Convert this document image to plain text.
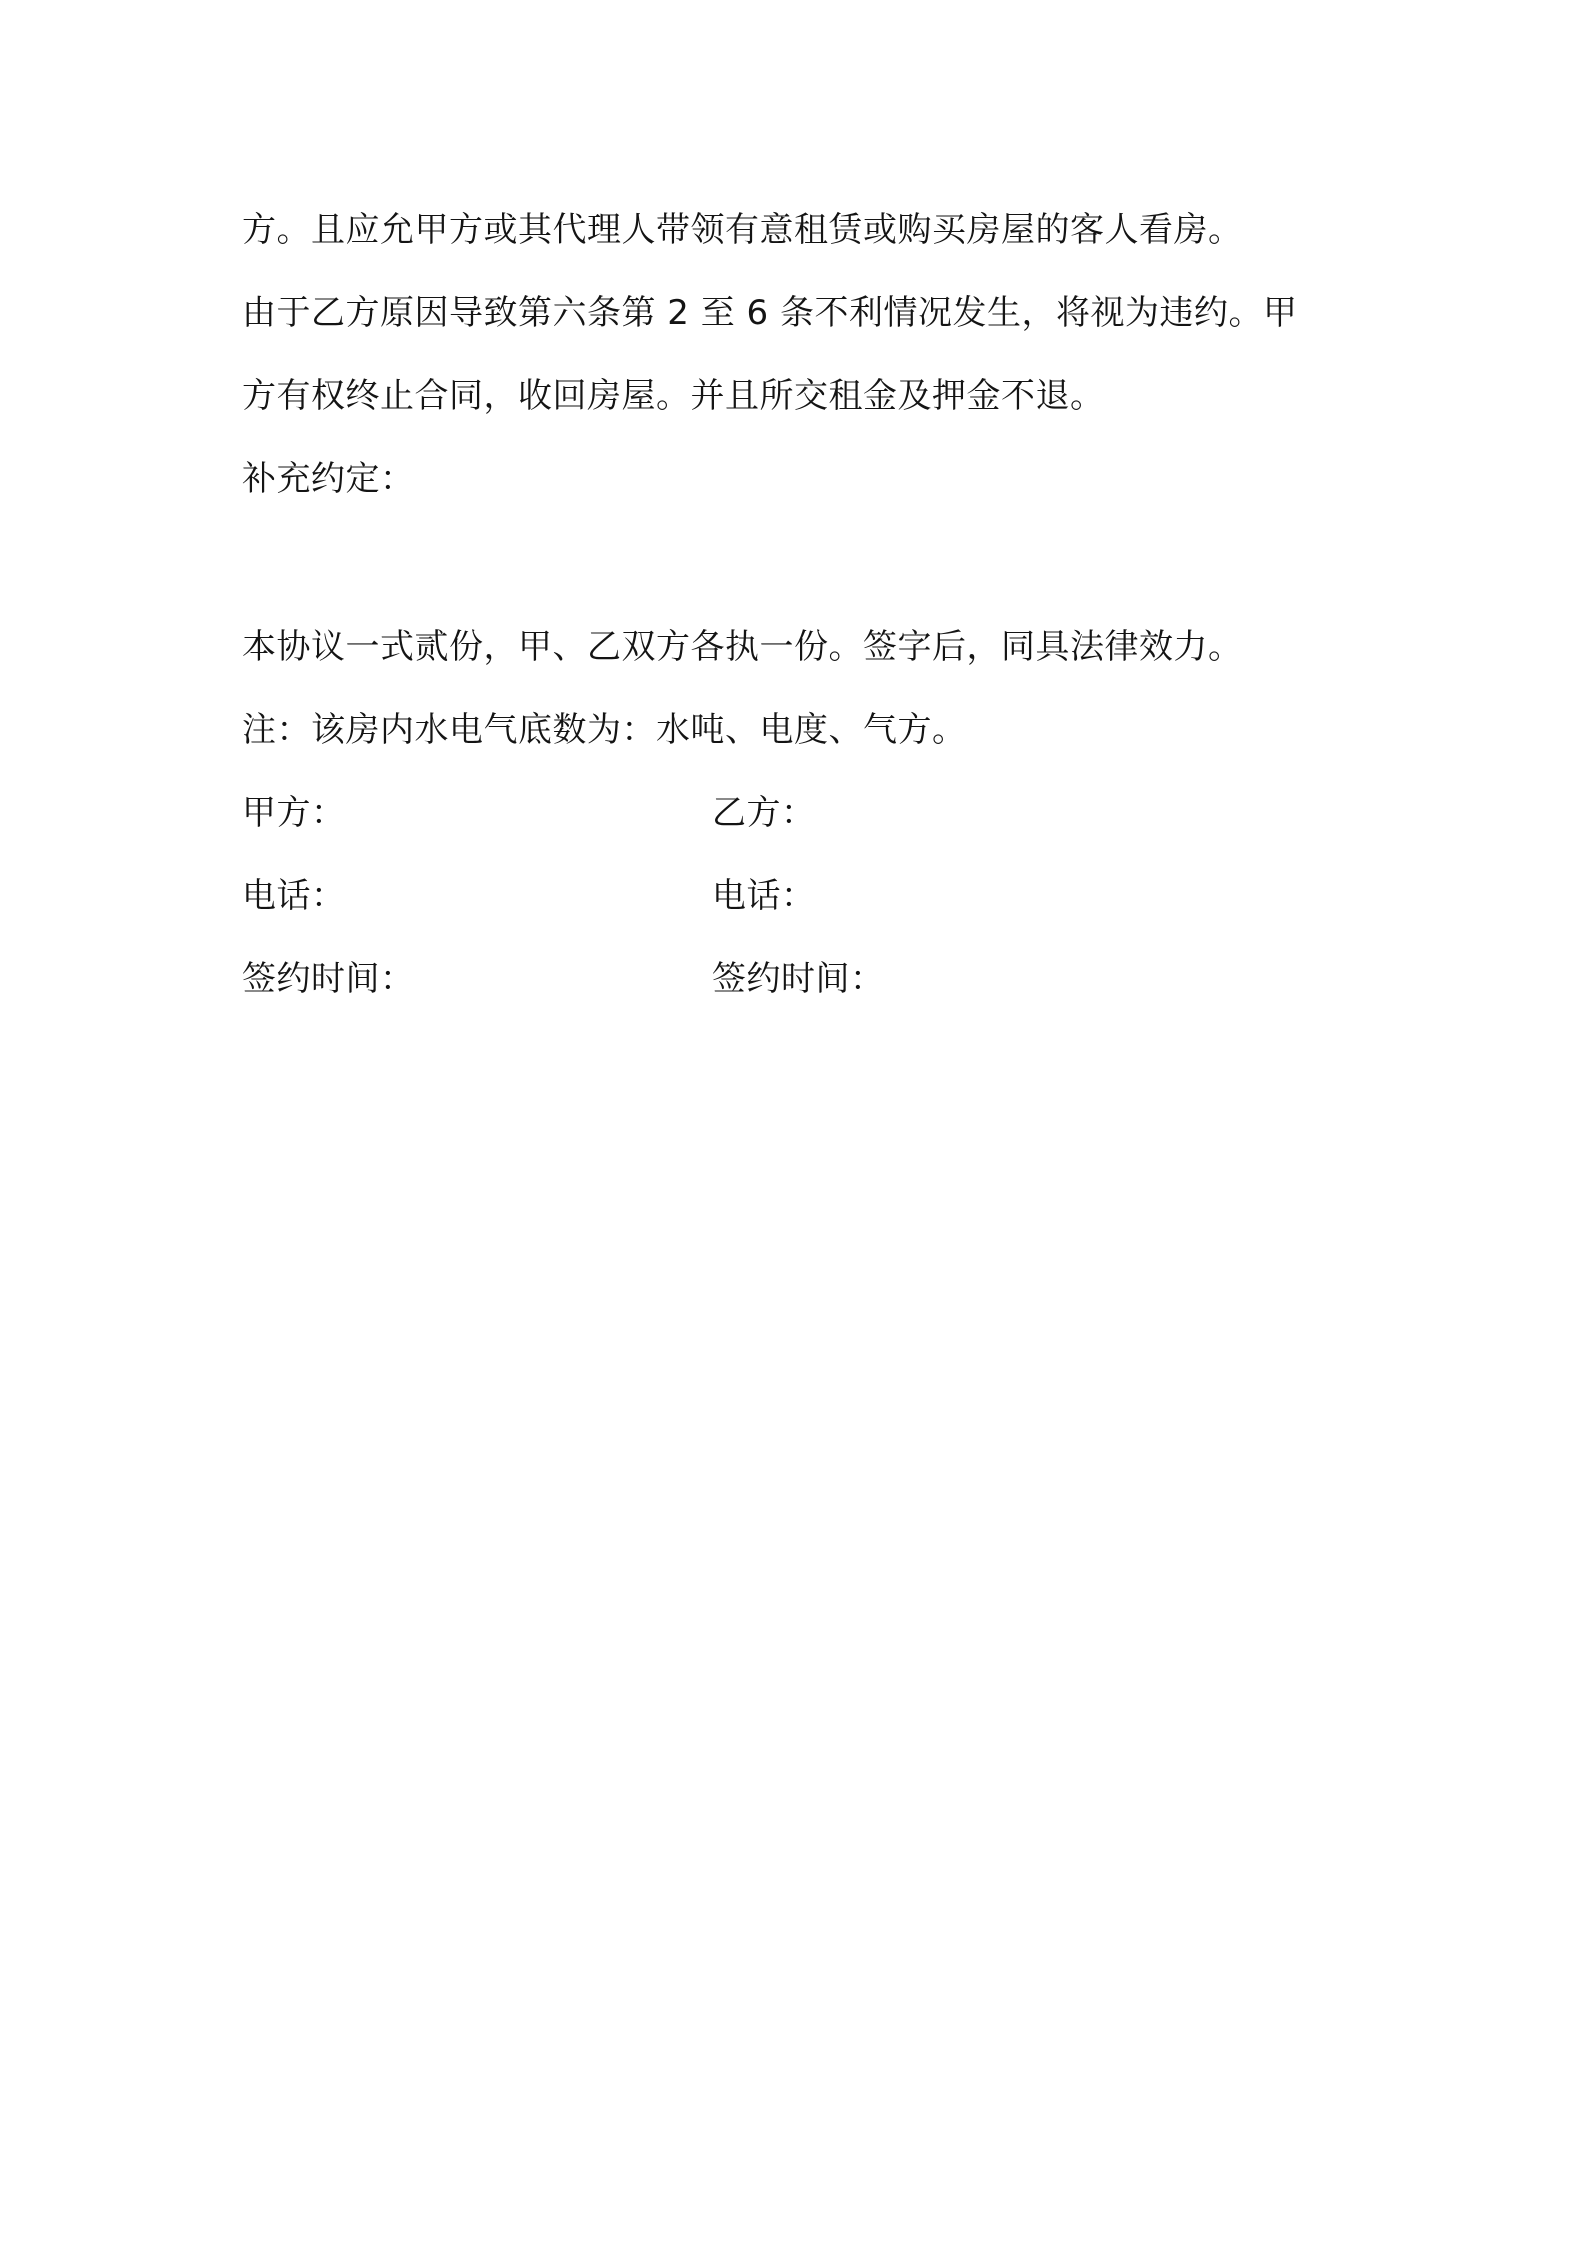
方。且应允甲方或其代理人带领有意租赁或购买房屋的客人看房。
由于乙方原因导致第六条第 2 至 6 条不利情况发生，将视为违约。甲
方有权终止合同，收回房屋。并且所交租金及押金不退。
补充约定：
本协议一式贰份，甲、乙双方各执一份。签字后，同具法律效力。
注：该房内水电气底数为：水吨、电度、气方。
甲方：	乙方：
电话：	电话：
签约时间：	签约时间：
